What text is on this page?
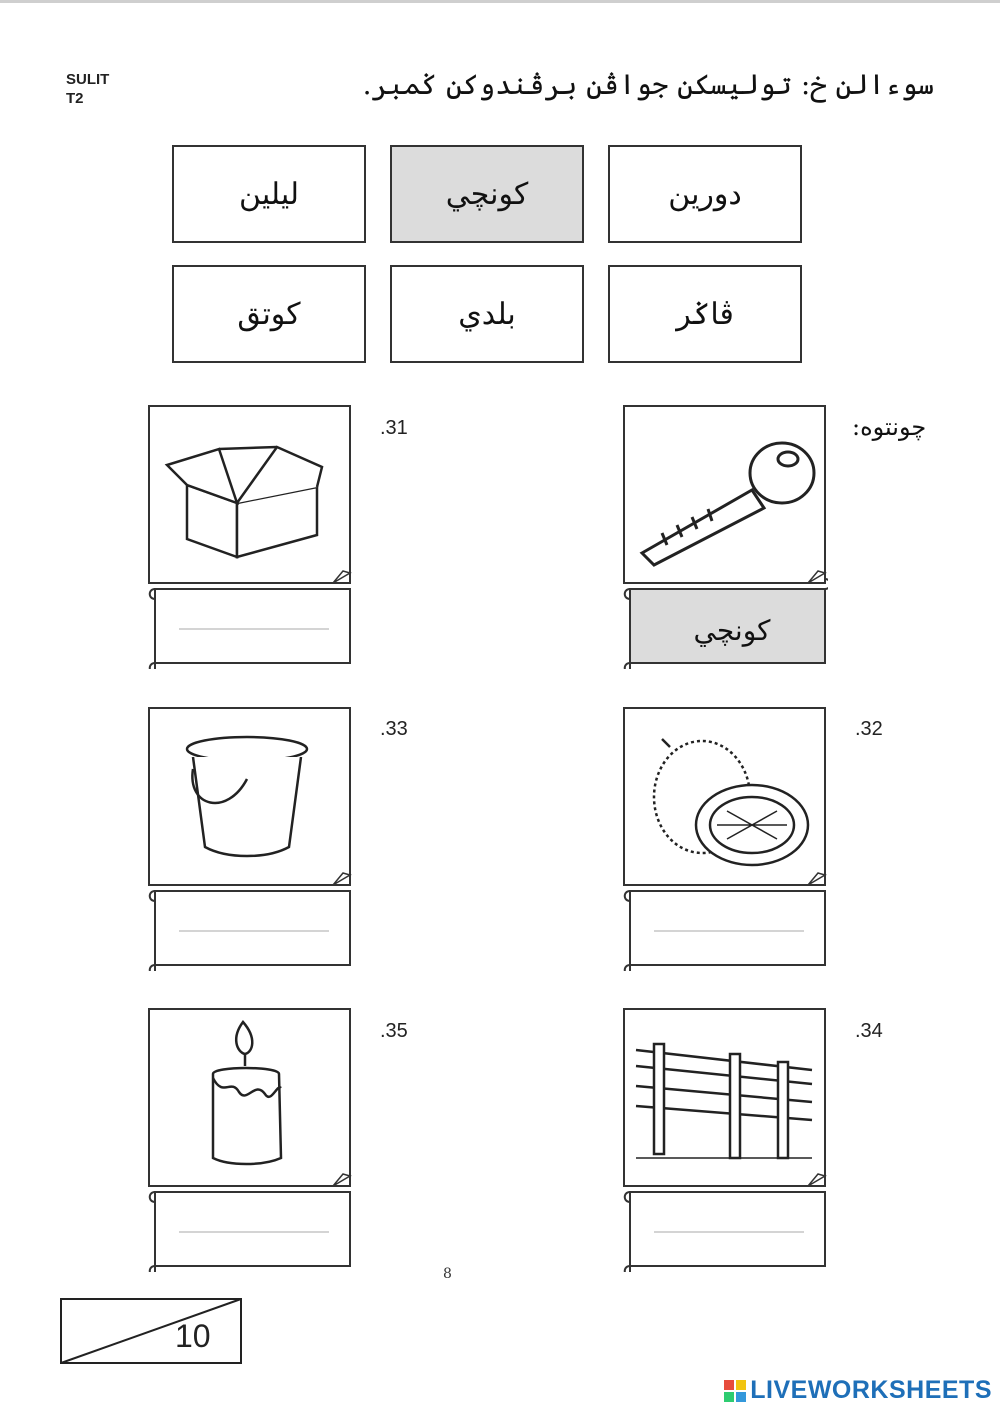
SULIT
T2	سوءالن خ: توليسکن جواڤن برڤندوکن ݢمبر.
دورين
کونچي
ليلين
ڤاݢر
بلدي
کوتق
چونتوه:
.31
.32
.33
.34
.35
کونچي
8
10
LIVEWORKSHEETS
